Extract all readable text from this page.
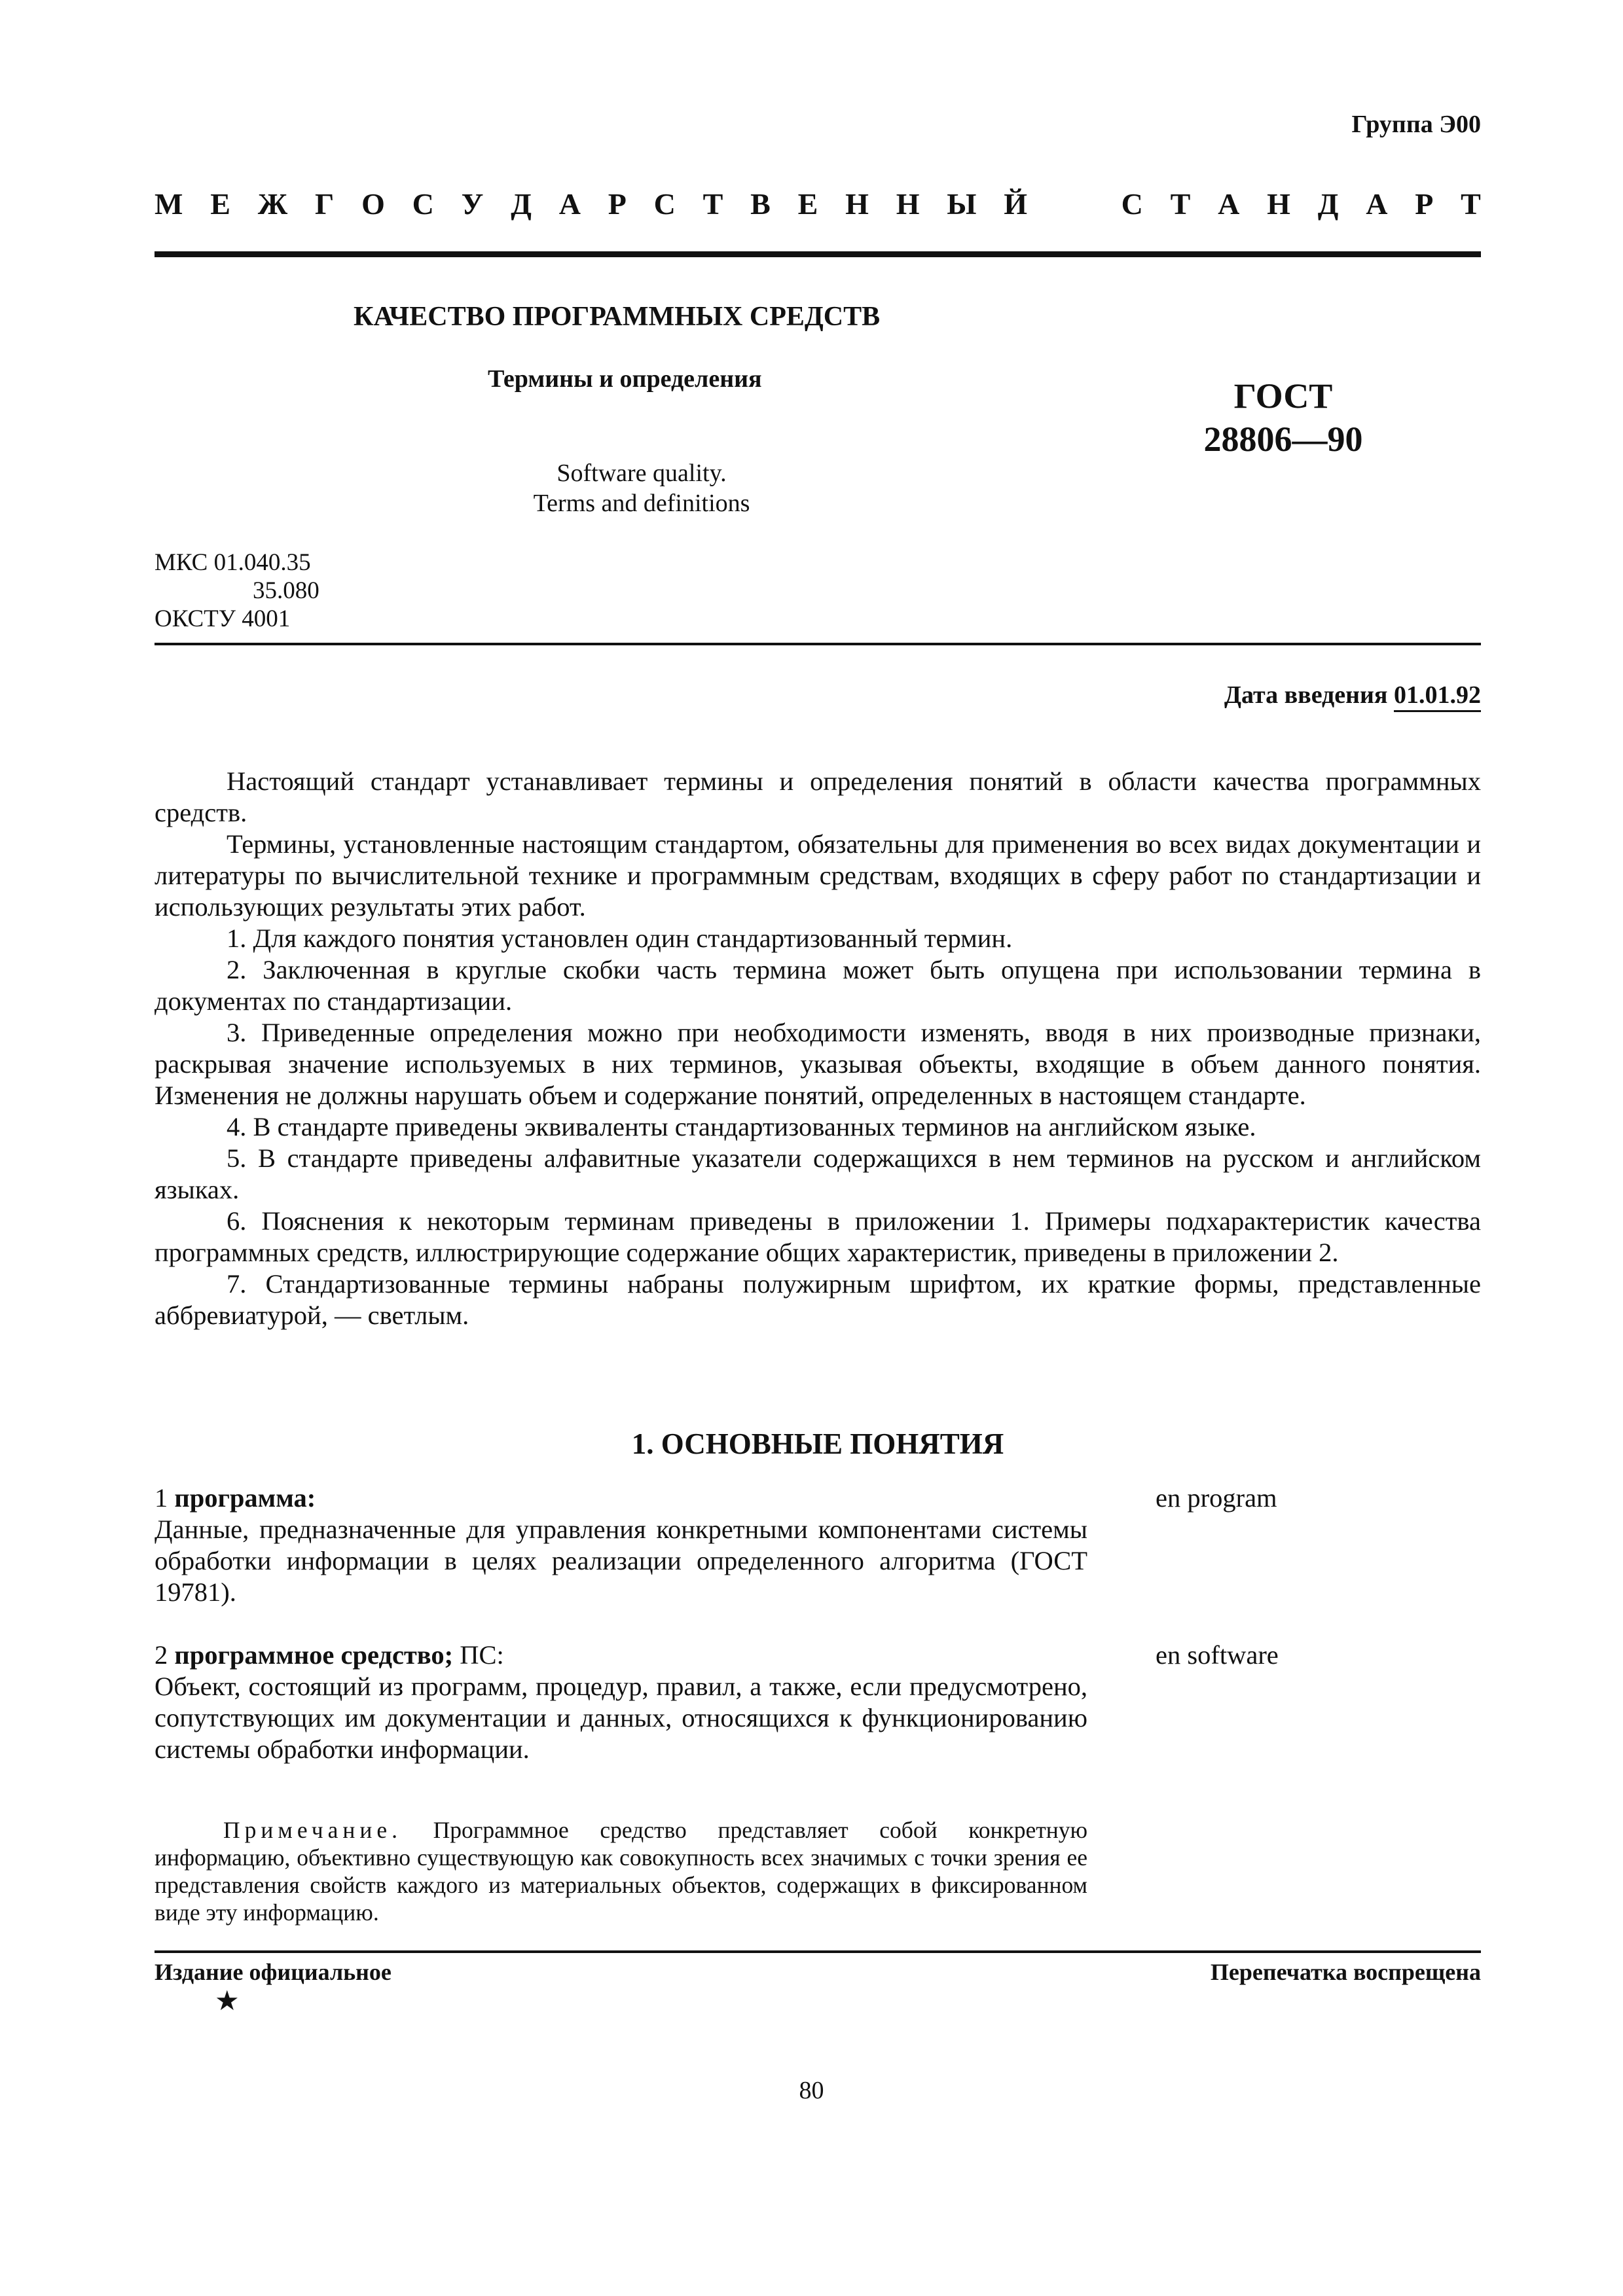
Группа Э00
М Е Ж Г О С У Д А Р С Т В Е Н Н Ы Й	С Т А Н Д А Р Т
КАЧЕСТВО ПРОГРАММНЫХ СРЕДСТВ
Термины и определения	ГОСТ
28806—90
Software quality.
Terms and definitions
МКС 01.040.35
35.080
ОКСТУ 4001
Дата введения 01.01.92

Настоящий стандарт устанавливает термины и определения понятий в области качества программных средств.

Термины, установленные настоящим стандартом, обязательны для применения во всех видах документации и литературы по вычислительной технике и программным средствам, входящих в сферу работ по стандартизации и использующих результаты этих работ.

1. Для каждого понятия установлен один стандартизованный термин.

2. Заключенная в круглые скобки часть термина может быть опущена при использовании термина в документах по стандартизации.

3. Приведенные определения можно при необходимости изменять, вводя в них производные признаки, раскрывая значение используемых в них терминов, указывая объекты, входящие в объем данного понятия. Изменения не должны нарушать объем и содержание понятий, определенных в настоящем стандарте.

4. В стандарте приведены эквиваленты стандартизованных терминов на английском языке.

5. В стандарте приведены алфавитные указатели содержащихся в нем терминов на русском и английском языках.

6. Пояснения к некоторым терминам приведены в приложении 1. Примеры подхарактеристик качества программных средств, иллюстрирующие содержание общих характеристик, приведены в приложении 2.

7. Стандартизованные термины набраны полужирным шрифтом, их краткие формы, представленные аббревиатурой, — светлым.

1. ОСНОВНЫЕ ПОНЯТИЯ
1 программа:
Данные, предназначенные для управления конкретными компонентами системы обработки информации в целях реализации определенного алгоритма (ГОСТ 19781).
en program
2 программное средство; ПС:
Объект, состоящий из программ, процедур, правил, а также, если предусмотрено, сопутствующих им документации и данных, относящихся к функционированию системы обработки информации.
en software
Примечание. Программное средство представляет собой конкретную информацию, объективно существующую как совокупность всех значимых с точки зрения ее представления свойств каждого из материальных объектов, содержащих в фиксированном виде эту информацию.
Издание официальное	Перепечатка воспрещена
★
80
